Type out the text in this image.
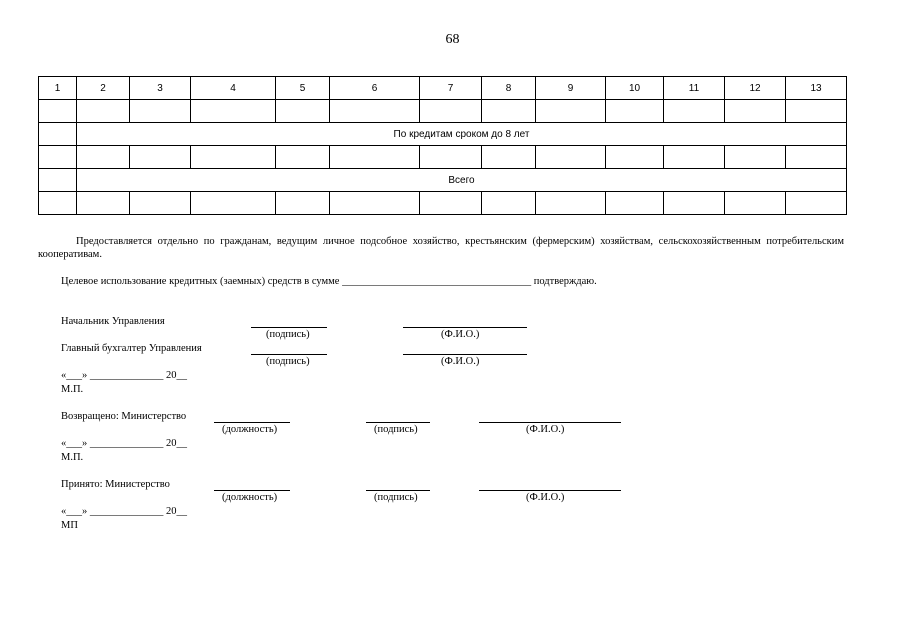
68
1	2	3	4	5	6	7	8	9	10	11	12	13

	По кредитам сроком до 8 лет											

	Всего											

Предоставляется отдельно по гражданам, ведущим личное подсобное хозяйство, крестьянским (фермерским) хозяйствам, сельскохозяйственным потребительским кооперативам.
Целевое использование кредитных (заемных) средств в сумме ____________________________________ подтверждаю.
Начальник Управления
(подпись)	(Ф.И.О.)
Главный бухгалтер Управления
(подпись)	(Ф.И.О.)
«___» ______________ 20__
М.П.
Возвращено: Министерство
(должность)	(подпись)	(Ф.И.О.)
«___» ______________ 20__
М.П.
Принято: Министерство
(должность)	(подпись)	(Ф.И.О.)
«___» ______________ 20__
МП
